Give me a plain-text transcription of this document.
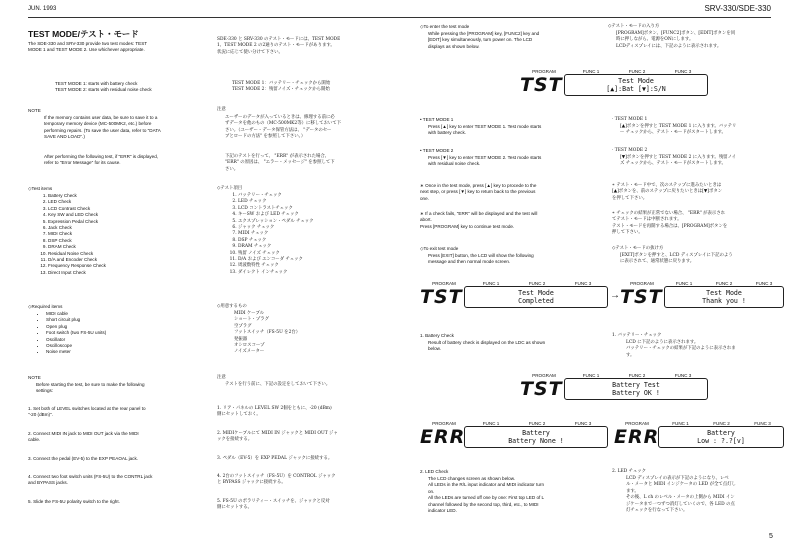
JUN. 1993	SRV-330/SDE-330
TEST MODE/テスト・モード
The SDE-330 and SRV-330 provide two test modes: TEST
MODE 1 and TEST MODE 2. Use whichever appropriate.
SDE-330 と SRV-330 のテスト・モードには、TEST MODE
1、TEST MODE 2 の2通りのテスト・モードがあります。
状況に応じて使い分けて下さい。
TEST MODE 1: starts with battery check
TEST MODE 2: starts with residual noise check
TEST MODE 1：バッテリー・チェックから開始
TEST MODE 2：残留ノイズ・チェックから開始
NOTE
If the memory contains user data, be sure to save it to a
temporary memory device (MC-500MK2, etc.) before
performing repairs. (To save the user data, refer to "DATA
SAVE AND LOAD".)
注意
ユーザーのデータが入っているときは、修理する前に必
ずデータを他のもの（MC-500MK2等）に移しておいて下
さい。（ユーザー・データ保管方法は、 "データのセー
ブとロードの方法" を参照して下さい。）
After performing the following test, if "ERR" is displayed,
refer to "Error Message" for its cause.
下記のテストを行って、 "ERR" が表示された場合、
"ERR" の原因は、 "エラー・メッセージ" を参照して下
さい。
◇Test items
1. Battery Check
2. LED Check
3. LCD Contrast Check
4. Key SW and LED Check
5. Expression Pedal Check
6. Jack Check
7. MIDI Check
8. DSP Check
9. DRAM Check
10. Residual Noise Check
11. D/A and Encoder Check
12. Frequency Response Check
13. Direct Input Check
◇テスト項目
1. バッテリー・チェック
2. LED チェック
3. LCD コントラストチェック
4. キーSW および LED チェック
5. エクスプレッション・ペダル チェック
6. ジャック チェック
7. MIDI チェック
8. DSP チェック
9. DRAM チェック
10. 残留 ノイズ チェック
11. D/A および エンコーダ チェック
12. 周波数特性 チェック
13. ダイレクト インチェック
◇Required items
• MIDI cable
• Short circuit plug
• Open plug
• Foot switch (two FS-5U units)
• Oscillator
• Oscilloscope
• Noise meter
◇用意するもの
MIDI ケーブル
ショート・プラグ
空プラグ
フットスイッチ（FS-5U を2台）
発振器
オシロスコープ
ノイズメーター
NOTE
Before starting the test, be sure to make the following
settings:
注意
テストを行う前に、下記の設定をしておいて下さい。
1. Set both of LEVEL switches located at the rear panel to
"-20 (dBm)".
2. Connect MIDI IN jack to MIDI OUT jack via the MIDI
cable.
3. Connect the pedal (EV-5) to the EXP PEAOAL jack.
4. Connect two foot switch units (FS-5U) to the CONTRL jack
and BYPASS jacks.
5. Slide the FS-5U polarity switch to the right.
1. リア・パネルの LEVEL SW 2個をともに、-20 (dBm)
側にセットしておく。
2. MIDIケーブルにて MIDI IN ジャックと MIDI OUT ジャ
ックを接続する。
3. ペダル（EV-5）を EXP PEDAL ジャックに接続する。
4. 2台のフットスイッチ（FS-5U）を CONTROL ジャック
と BYPASS ジャックに接続する。
5. FS-5U のポラリティー・スイッチを、ジャックと反対
側にセットする。
◇To enter the test mode
While pressing the [PROGRAM] key, [FUNC2] key and
[EDIT] key simultaneously, turn power on. The LCD
displays as shown below.
◇テスト・モードの入り方
[PROGRAM]ボタン、[FUNC2]ボタン、[EDIT]ボタンを同
時に押しながら、電源をONにします。
LCDディスプレイには、下記のように表示されます。
PROGRAM	FUNC 1	FUNC 2	FUNC 3
TST	Test Mode
[▲]:Bat [▼]:S/N
• TEST MODE 1
Press [▲] key to enter TEST MODE 1. Test mode starts
with battery check.
· TEST MODE 1
[▲]ボタンを押すと TEST MODE 1 に入ります。バッテリ
ー チェックから、テスト・モードがスタートします。
• TEST MODE 2
Press [▼] key to enter TEST MODE 2. Test mode starts
with residual noise check.
· TEST MODE 2
[▼]ボタンを押すと TEST MODE 2 に入ります。残留ノイ
ズ チェックから、テスト・モードがスタートします。
∗ Once in the test mode, press [▲] key to procede to the
next step, or press [▼] key to return back to the previous
one.
∗ テスト・モード中で、次のステップに進みたいときは
[▲]ボタンを、前のステップに戻りたいときは[▼]ボタン
を押して下さい。
∗ If a check fails, "ERR" will be displayed and the test will
abort.
Press [PROGRAM] key to continue test mode.
∗ チェックの結果が正常でない場合、 "ERR" が表示され
てテスト・モードは中断されます。
テスト・モードを再開する場合は、[PROGRAM]ボタンを
押して下さい。
◇To exit test mode
Press [EXIT] button, the LCD will show the following
message and then normal mode screen.
◇テスト・モードの抜け方
[EXIT]ボタンを押すと、LCD ディスプレイに下記のよう
に表示されて、通常状態に戻ります。
PROGRAM	FUNC 1	FUNC 2	FUNC 3
TST	Test Mode
Completed	→
PROGRAM	FUNC 1	FUNC 2	FUNC 3
TST	Test Mode
Thank you !
1. Battery Check
Result of battery check is displayed on the LDC as shown
below.
1. バッテリー・チェック
LCD に下記のように表示されます。
バッテリー・チェックの結果が下記のように表示されま
す。
PROGRAM	FUNC 1	FUNC 2	FUNC 3
TST	Battery Test
Battery OK !
PROGRAM	FUNC 1	FUNC 2	FUNC 3
ERR	Battery
Battery None !
PROGRAM	FUNC 1	FUNC 2	FUNC 3
ERR	Battery
Low : ?.?[v]
2. LED Check
The LCD changes screen as shown below.
All LEDs in the R/L input indicator and MIDI indicator turn
on.
All the LEDs are turned off one by one: First top LED of L
channel followed by the second top, third, etc., to MIDI
indicator LED.
2. LED チェック
LCD ディスプレイの表示が下記のようになり、レベ
ル・メータと MIDI インジケータの LED が全て点灯し
ます。
その後、L ch のレベル・メータの上側から MIDI イン
ジケータまで一つずつ消灯していくので、各 LED の点
灯チェックを行なって下さい。
5
